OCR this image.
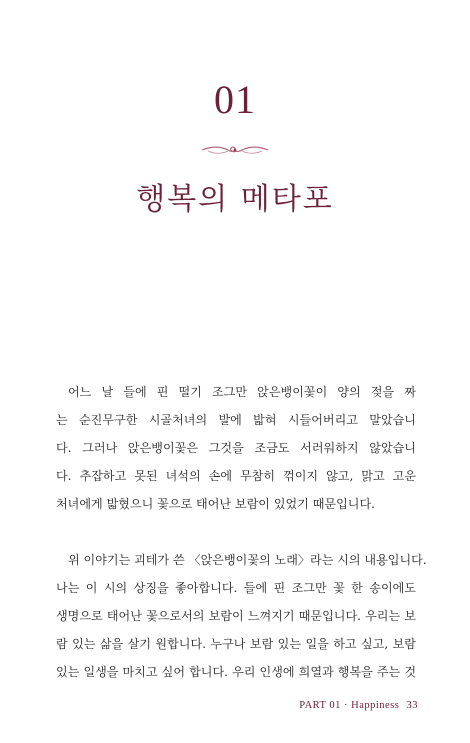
01
행복의 메타포
어느 날 들에 핀 떨기 조그만 앉은뱅이꽃이 양의 젖을 짜
는 순진무구한 시골처녀의 발에 밟혀 시들어버리고 말았습니
다. 그러나 앉은뱅이꽃은 그것을 조금도 서러워하지 않았습니
다. 추잡하고 못된 녀석의 손에 무참히 꺾이지 않고, 맑고 고운
처녀에게 밟혔으니 꽃으로 태어난 보람이 있었기 때문입니다.
위 이야기는 괴테가 쓴 〈앉은뱅이꽃의 노래〉라는 시의 내용입니다.
나는 이 시의 상징을 좋아합니다. 들에 핀 조그만 꽃 한 송이에도
생명으로 태어난 꽃으로서의 보람이 느껴지기 때문입니다. 우리는 보
람 있는 삶을 살기 원합니다. 누구나 보람 있는 일을 하고 싶고, 보람
있는 일생을 마치고 싶어 합니다. 우리 인생에 희열과 행복을 주는 것
PART 01 · Happiness 33
